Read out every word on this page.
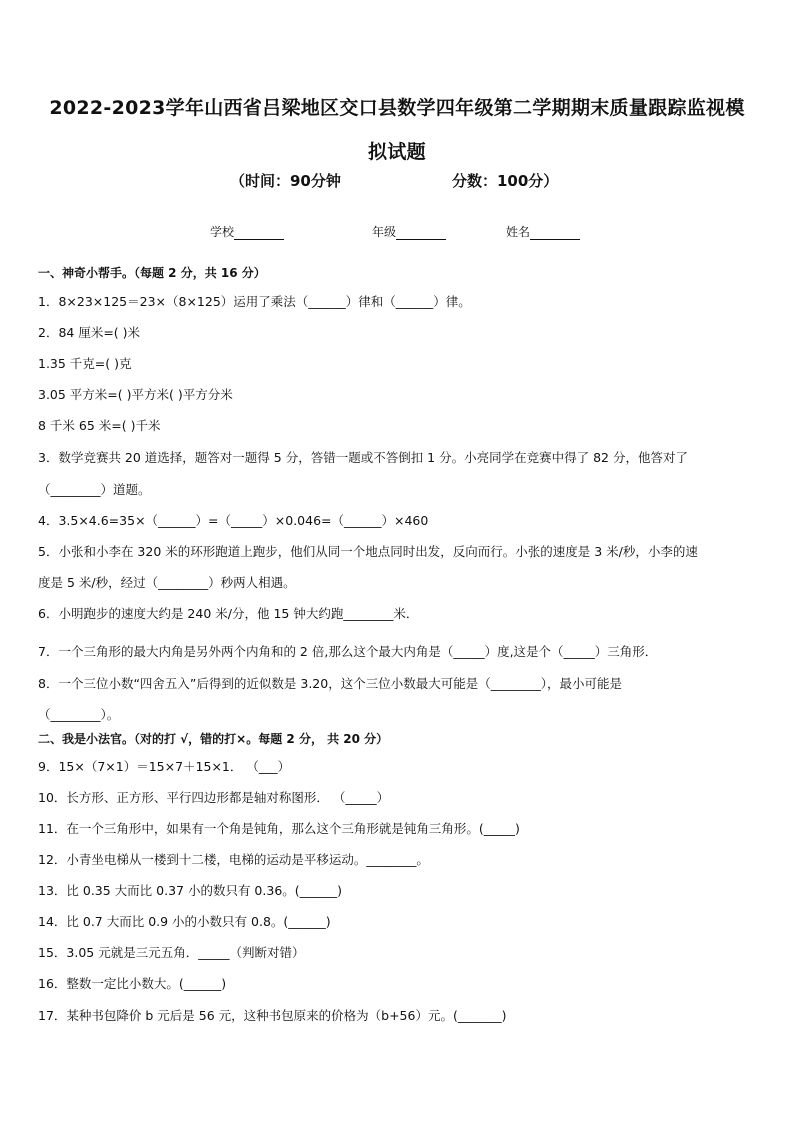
2022-2023学年山西省吕梁地区交口县数学四年级第二学期期末质量跟踪监视模拟试题
（时间：90分钟	分数：100分）
学校	年级	姓名
一、神奇小帮手。（每题 2 分，共 16 分）
1．8×23×125＝23×（8×125）运用了乘法（______）律和（______）律。
2．84 厘米=( )米
1.35 千克=( )克
3.05 平方米=( )平方米( )平方分米
8 千米 65 米=( )千米
3．数学竞赛共 20 道选择，题答对一题得 5 分，答错一题或不答倒扣 1 分。小亮同学在竞赛中得了 82 分，他答对了
（________）道题。
4．3.5×4.6=35×（______）=（_____）×0.046=（______）×460
5．小张和小李在 320 米的环形跑道上跑步，他们从同一个地点同时出发，反向而行。小张的速度是 3 米/秒，小李的速
度是 5 米/秒，经过（________）秒两人相遇。
6．小明跑步的速度大约是 240 米/分，他 15 钟大约跑________米．
7．一个三角形的最大内角是另外两个内角和的 2 倍,那么这个最大内角是（_____）度,这是个（_____）三角形．
8．一个三位小数“四舍五入”后得到的近似数是 3.20，这个三位小数最大可能是（________），最小可能是
（________）。
二、我是小法官。（对的打 √，错的打×。每题 2 分， 共 20 分）
9．15×（7×1）＝15×7＋15×1． （___）
10．长方形、正方形、平行四边形都是轴对称图形． （_____）
11．在一个三角形中，如果有一个角是钝角，那么这个三角形就是钝角三角形。(_____)
12．小青坐电梯从一楼到十二楼，电梯的运动是平移运动。________。
13．比 0.35 大而比 0.37 小的数只有 0.36。(______)
14．比 0.7 大而比 0.9 小的小数只有 0.8。(______)
15．3.05 元就是三元五角．_____（判断对错）
16．整数一定比小数大。(______)
17．某种书包降价 b 元后是 56 元，这种书包原来的价格为（b+56）元。(_______)
